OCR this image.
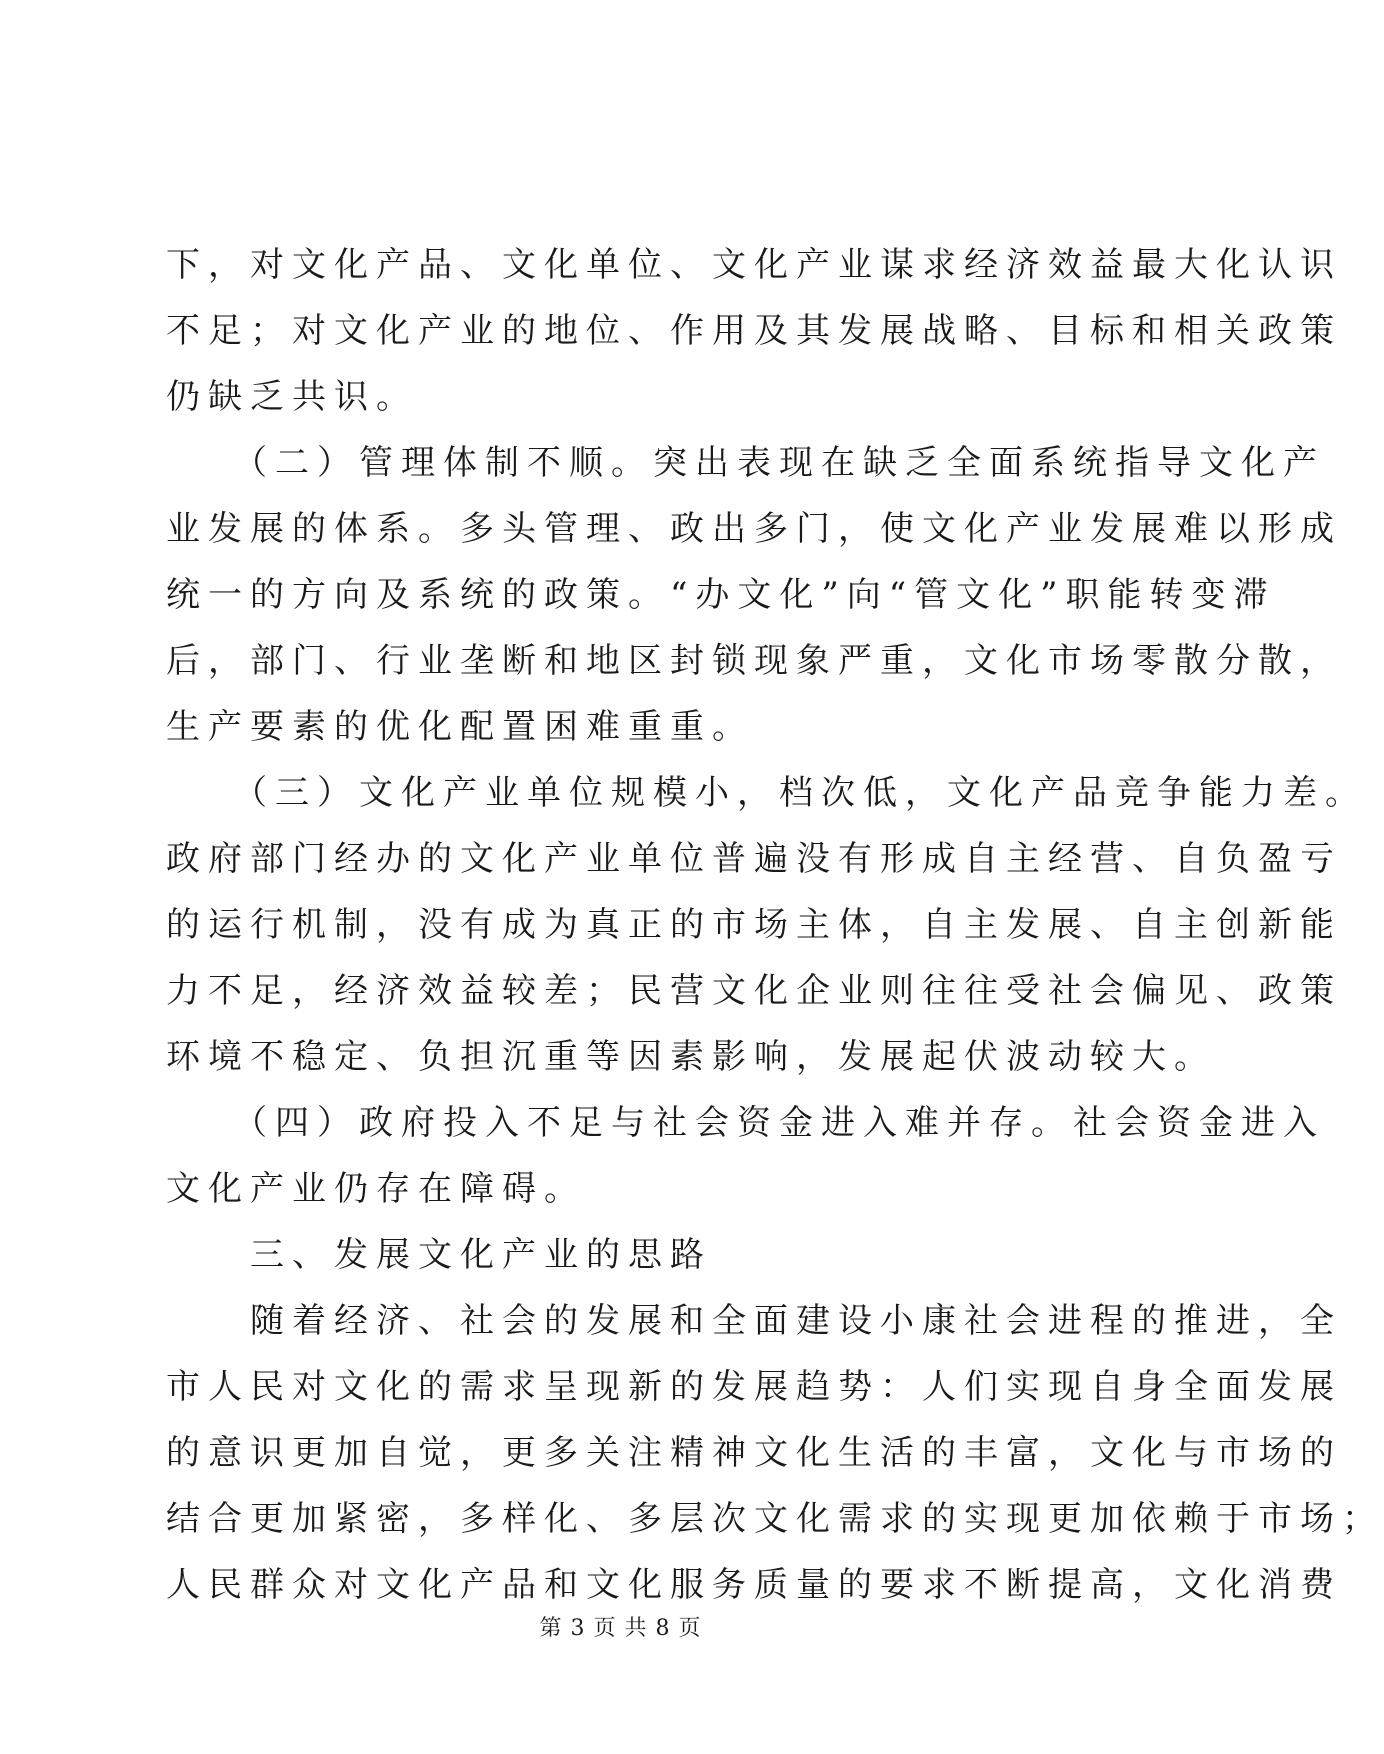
下，对文化产品、文化单位、文化产业谋求经济效益最大化认识
不足；对文化产业的地位、作用及其发展战略、目标和相关政策
仍缺乏共识。
　　（二）管理体制不顺。突出表现在缺乏全面系统指导文化产
业发展的体系。多头管理、政出多门，使文化产业发展难以形成
统一的方向及系统的政策。“办文化”向“管文化”职能转变滞
后，部门、行业垄断和地区封锁现象严重，文化市场零散分散，
生产要素的优化配置困难重重。
　　（三）文化产业单位规模小，档次低，文化产品竞争能力差。
政府部门经办的文化产业单位普遍没有形成自主经营、自负盈亏
的运行机制，没有成为真正的市场主体，自主发展、自主创新能
力不足，经济效益较差；民营文化企业则往往受社会偏见、政策
环境不稳定、负担沉重等因素影响，发展起伏波动较大。
　　（四）政府投入不足与社会资金进入难并存。社会资金进入
文化产业仍存在障碍。
　　三、发展文化产业的思路
　　随着经济、社会的发展和全面建设小康社会进程的推进，全
市人民对文化的需求呈现新的发展趋势：人们实现自身全面发展
的意识更加自觉，更多关注精神文化生活的丰富，文化与市场的
结合更加紧密，多样化、多层次文化需求的实现更加依赖于市场；
人民群众对文化产品和文化服务质量的要求不断提高，文化消费
第 3 页 共 8 页
